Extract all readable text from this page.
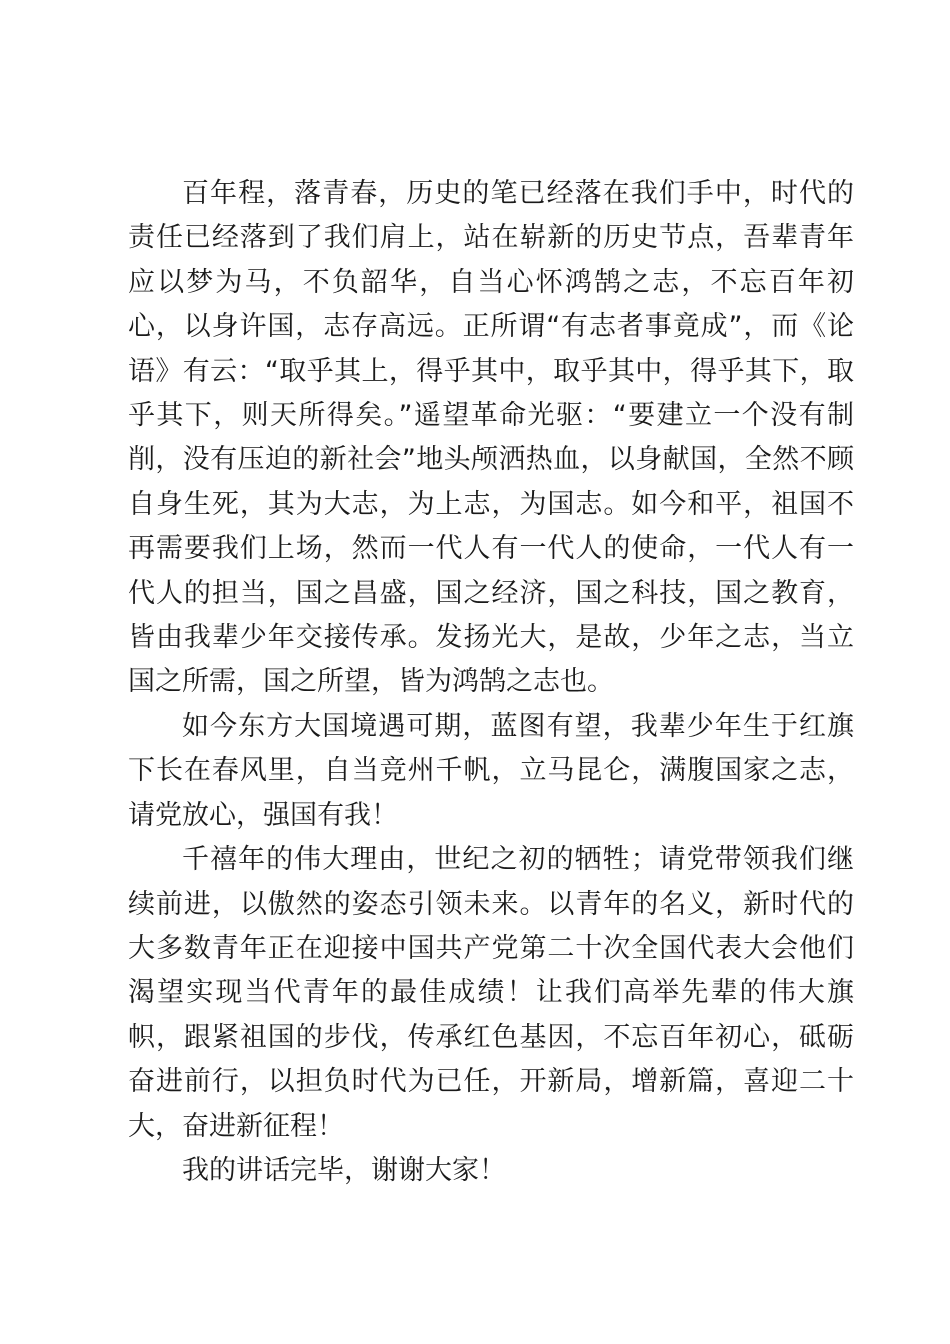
百年程，落青春，历史的笔已经落在我们手中，时代的责任已经落到了我们肩上，站在崭新的历史节点，吾辈青年应以梦为马，不负韶华，自当心怀鸿鹄之志，不忘百年初心，以身许国，志存高远。正所谓“有志者事竟成”，而《论语》有云：“取乎其上，得乎其中，取乎其中，得乎其下，取乎其下，则天所得矣。”遥望革命光驱：“要建立一个没有制削，没有压迫的新社会”地头颅洒热血，以身献国，全然不顾自身生死，其为大志，为上志，为国志。如今和平，祖国不再需要我们上场，然而一代人有一代人的使命，一代人有一代人的担当，国之昌盛，国之经济，国之科技，国之教育，皆由我辈少年交接传承。发扬光大，是故，少年之志，当立国之所需，国之所望，皆为鸿鹄之志也。

如今东方大国境遇可期，蓝图有望，我辈少年生于红旗下长在春风里，自当竞州千帆，立马昆仑，满腹国家之志，请党放心，强国有我！

千禧年的伟大理由，世纪之初的牺牲；请党带领我们继续前进，以傲然的姿态引领未来。以青年的名义，新时代的大多数青年正在迎接中国共产党第二十次全国代表大会他们渴望实现当代青年的最佳成绩！让我们高举先辈的伟大旗帜，跟紧祖国的步伐，传承红色基因，不忘百年初心，砥砺奋进前行，以担负时代为已任，开新局，增新篇，喜迎二十大，奋进新征程！

我的讲话完毕，谢谢大家！
